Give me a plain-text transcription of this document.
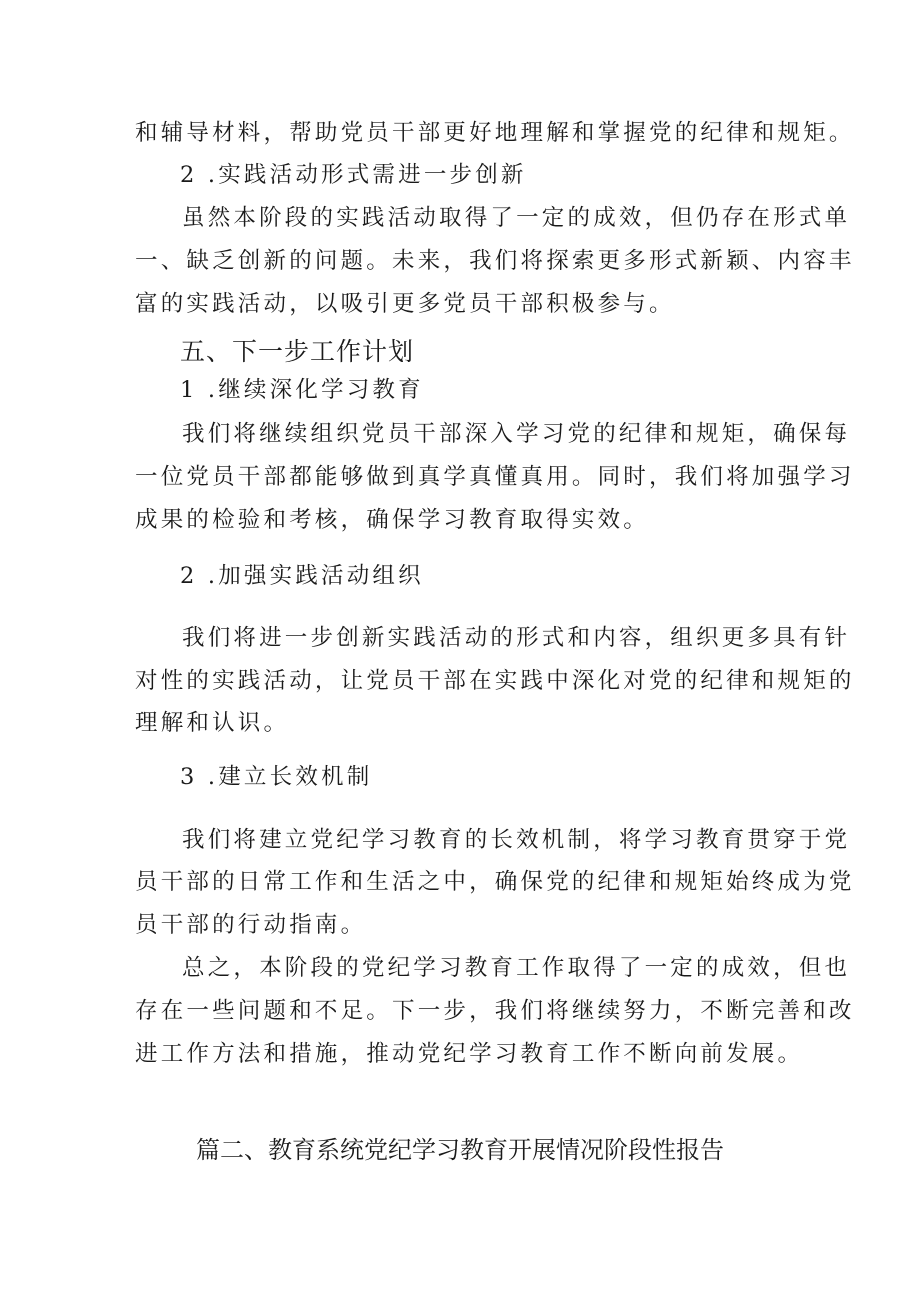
和辅导材料，帮助党员干部更好地理解和掌握党的纪律和规矩。

2 .实践活动形式需进一步创新

虽然本阶段的实践活动取得了一定的成效，但仍存在形式单

一、缺乏创新的问题。未来，我们将探索更多形式新颖、内容丰

富的实践活动，以吸引更多党员干部积极参与。

五、下一步工作计划

1 .继续深化学习教育

我们将继续组织党员干部深入学习党的纪律和规矩，确保每

一位党员干部都能够做到真学真懂真用。同时，我们将加强学习

成果的检验和考核，确保学习教育取得实效。

2 .加强实践活动组织

我们将进一步创新实践活动的形式和内容，组织更多具有针

对性的实践活动，让党员干部在实践中深化对党的纪律和规矩的

理解和认识。

3 .建立长效机制

我们将建立党纪学习教育的长效机制，将学习教育贯穿于党

员干部的日常工作和生活之中，确保党的纪律和规矩始终成为党

员干部的行动指南。

总之，本阶段的党纪学习教育工作取得了一定的成效，但也

存在一些问题和不足。下一步，我们将继续努力，不断完善和改

进工作方法和措施，推动党纪学习教育工作不断向前发展。

篇二、教育系统党纪学习教育开展情况阶段性报告
